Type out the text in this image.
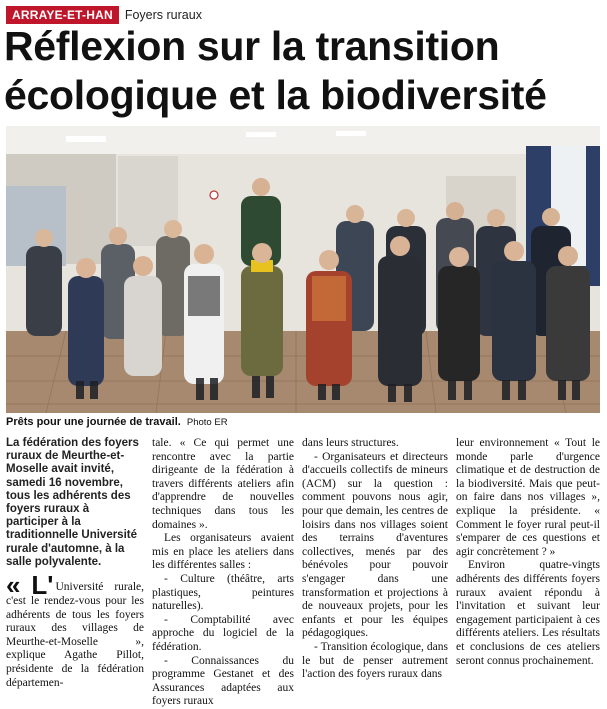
ARRAYE-ET-HAN Foyers ruraux
Réflexion sur la transition écologique et la biodiversité
Prêts pour une journée de travail. Photo ER

La fédération des foyers ruraux de Meurthe-et-Moselle avait invité, samedi 16 novembre, tous les adhérents des foyers ruraux à participer à la traditionnelle Université rurale d'automne, à la salle polyvalente.

« L' Université rurale, c'est le rendez-vous pour les adhérents de tous les foyers ruraux des villages de Meurthe-et-Moselle », explique Agathe Pillot, présidente de la fédération départemen-

tale. « Ce qui permet une rencontre avec la partie dirigeante de la fédération à travers différents ateliers afin d'apprendre de nouvelles techniques dans tous les domaines ».

Les organisateurs avaient mis en place les ateliers dans les différentes salles :

- Culture (théâtre, arts plastiques, peintures naturelles).

- Comptabilité avec approche du logiciel de la fédération.

- Connaissances du programme Gestanet et des Assurances adaptées aux foyers ruraux

dans leurs structures.

- Organisateurs et directeurs d'accueils collectifs de mineurs (ACM) sur la question : comment pouvons nous agir, pour que demain, les centres de loisirs dans nos villages soient des terrains d'aventures collectives, menés par des bénévoles pour pouvoir s'engager dans une transformation et projections à de nouveaux projets, pour les enfants et pour les équipes pédagogiques.

- Transition écologique, dans le but de penser autrement l'action des foyers ruraux dans

leur environnement « Tout le monde parle d'urgence climatique et de destruction de la biodiversité. Mais que peut-on faire dans nos villages », explique la présidente. « Comment le foyer rural peut-il s'emparer de ces questions et agir concrètement ? »

Environ quatre-vingts adhérents des différents foyers ruraux avaient répondu à l'invitation et suivant leur engagement participaient à ces différents ateliers. Les résultats et conclusions de ces ateliers seront connus prochainement.
